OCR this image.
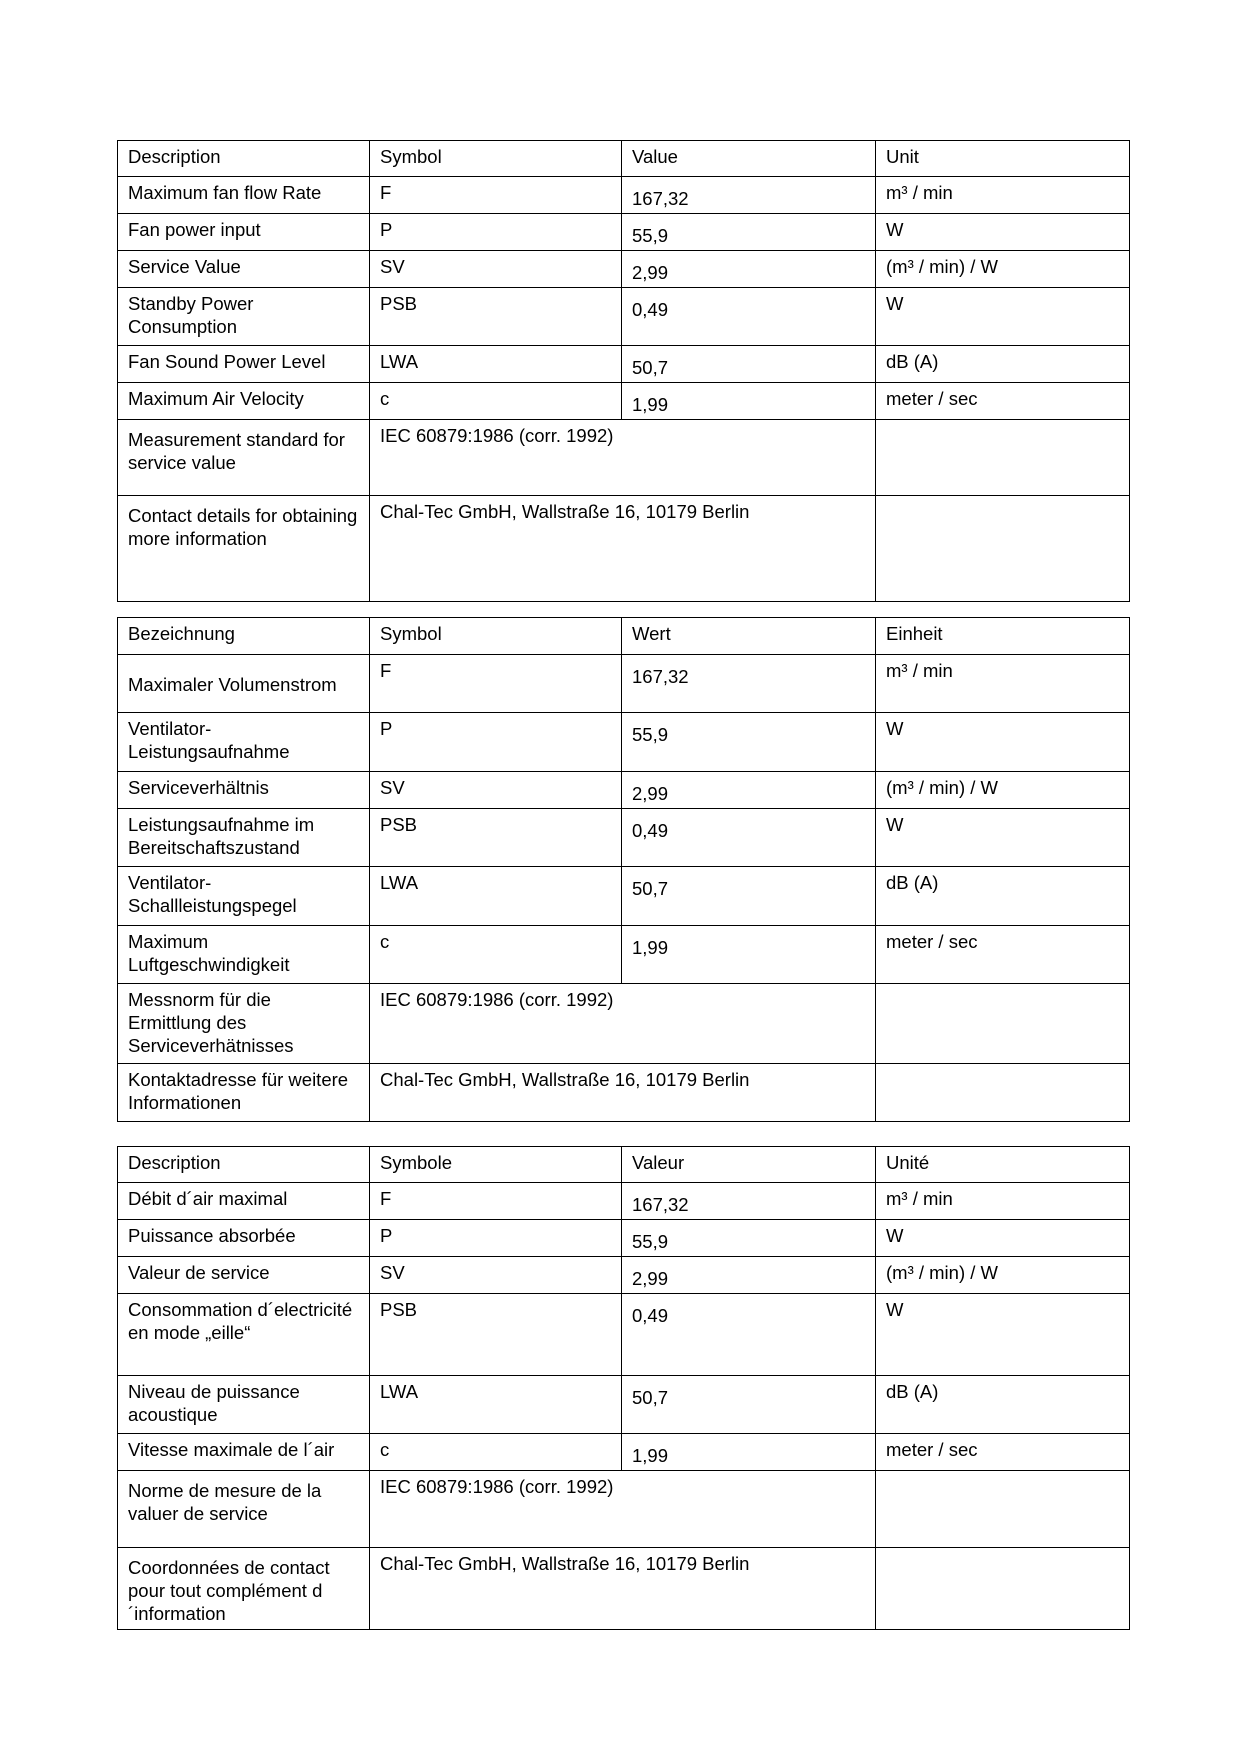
Description	Symbol	Value	Unit
Maximum fan flow Rate	F	167,32	m³ / min
Fan power input	P	55,9	W
Service Value	SV	2,99	(m³ / min) / W
Standby Power Consumption	PSB	0,49	W
Fan Sound Power Level	LWA	50,7	dB (A)
Maximum Air Velocity	c	1,99	meter / sec
Measurement standard for service value	IEC 60879:1986 (corr. 1992)		
Contact details for obtaining more information	Chal-Tec GmbH, Wallstraße 16, 10179 Berlin		
Bezeichnung	Symbol	Wert	Einheit
Maximaler Volumenstrom	F	167,32	m³ / min
Ventilator-Leistungsaufnahme	P	55,9	W
Serviceverhältnis	SV	2,99	(m³ / min) / W
Leistungsaufnahme im Bereitschaftszustand	PSB	0,49	W
Ventilator-Schallleistungspegel	LWA	50,7	dB (A)
Maximum Luftgeschwindigkeit	c	1,99	meter / sec
Messnorm für die Ermittlung des Serviceverhätnisses	IEC 60879:1986 (corr. 1992)		
Kontaktadresse für weitere Informationen	Chal-Tec GmbH, Wallstraße 16, 10179 Berlin		
Description	Symbole	Valeur	Unité
Débit d´air maximal	F	167,32	m³ / min
Puissance absorbée	P	55,9	W
Valeur de service	SV	2,99	(m³ / min) / W
Consommation d´electricité en mode „eille“	PSB	0,49	W
Niveau de puissance acoustique	LWA	50,7	dB (A)
Vitesse maximale de l´air	c	1,99	meter / sec
Norme de mesure de la valuer de service	IEC 60879:1986 (corr. 1992)		
Coordonnées de contact pour tout complément d´information	Chal-Tec GmbH, Wallstraße 16, 10179 Berlin		
